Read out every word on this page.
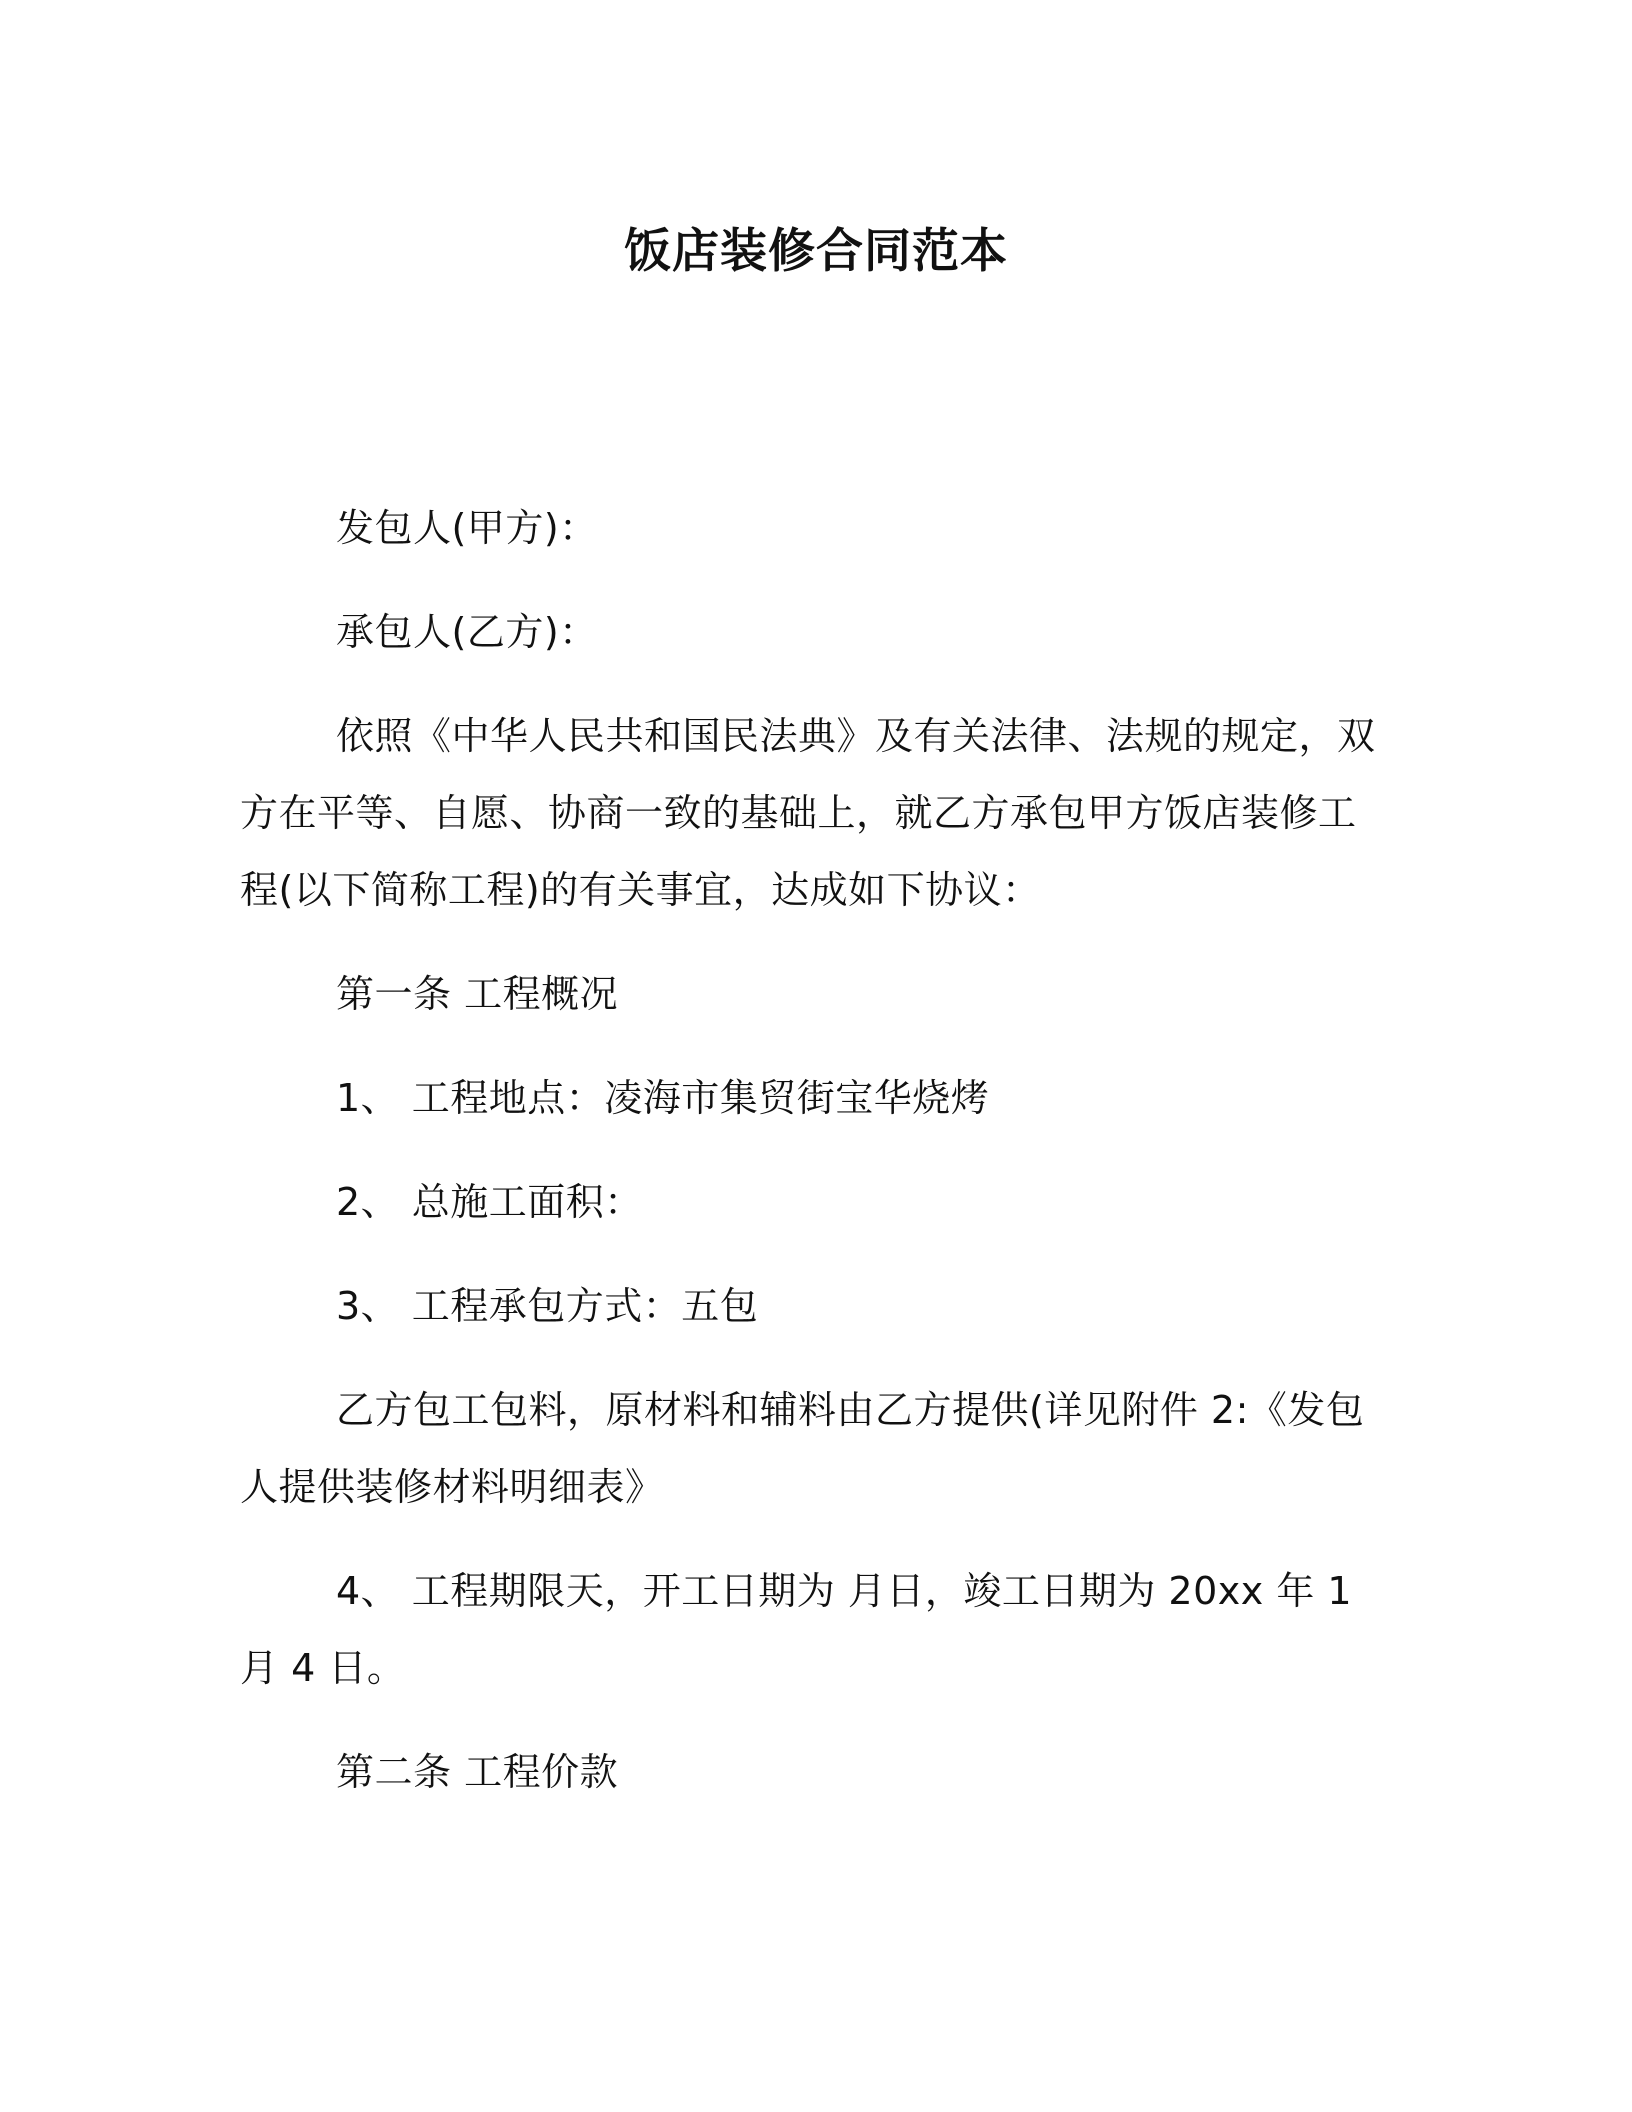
饭店装修合同范本

发包人(甲方)：

承包人(乙方)：

依照《中华人民共和国民法典》及有关法律、法规的规定，双方在平等、自愿、协商一致的基础上，就乙方承包甲方饭店装修工程(以下简称工程)的有关事宜，达成如下协议：

第一条 工程概况

1、 工程地点：凌海市集贸街宝华烧烤

2、 总施工面积：

3、 工程承包方式：五包

乙方包工包料，原材料和辅料由乙方提供(详见附件 2:《发包人提供装修材料明细表》

4、 工程期限天，开工日期为 月日，竣工日期为 20xx 年 1 月 4 日。

第二条 工程价款
